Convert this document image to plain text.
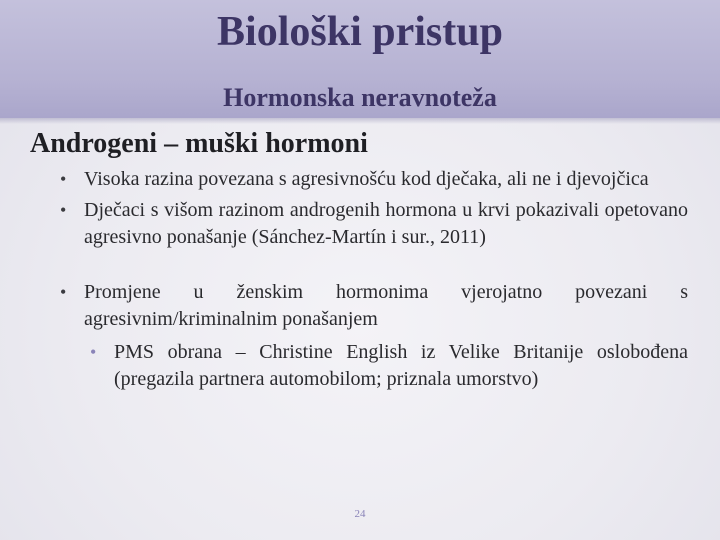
Biološki pristup
Hormonska neravnoteža
Androgeni – muški hormoni
• Visoka razina povezana s agresivnošću kod dječaka, ali ne i djevojčica
• Dječaci s višom razinom androgenih hormona u krvi pokazivali opetovano agresivno ponašanje (Sánchez-Martín i sur., 2011)
• Promjene u ženskim hormonima vjerojatno povezani s agresivnim/kriminalnim ponašanjem
• PMS obrana – Christine English iz Velike Britanije oslobođena (pregazila partnera automobilom; priznala umorstvo)
24
